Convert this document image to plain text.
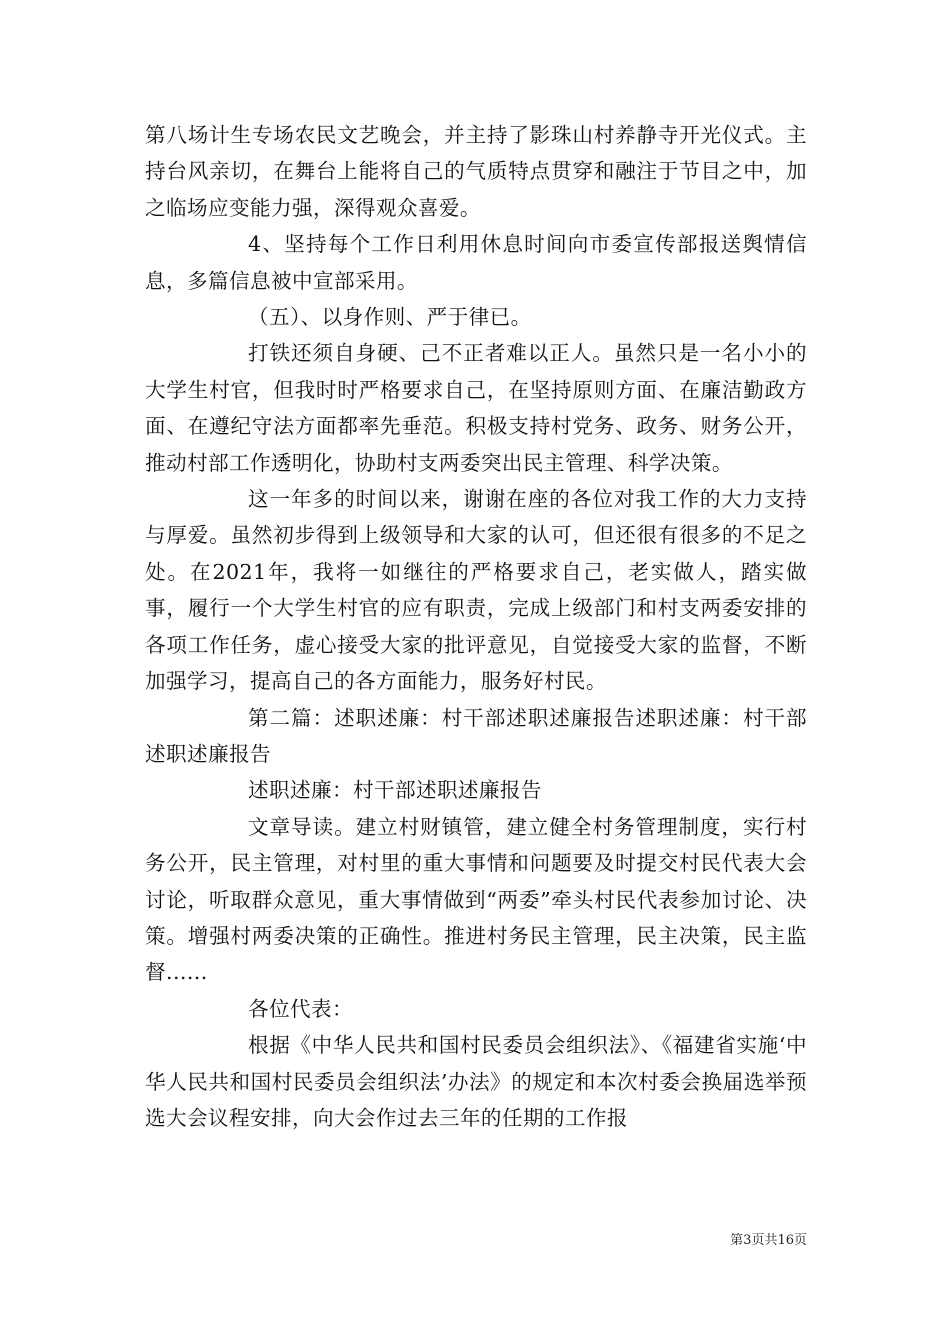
第八场计生专场农民文艺晚会，并主持了影珠山村养静寺开光仪式。主持台风亲切，在舞台上能将自己的气质特点贯穿和融注于节目之中，加之临场应变能力强，深得观众喜爱。

4、坚持每个工作日利用休息时间向市委宣传部报送舆情信息，多篇信息被中宣部采用。

（五）、以身作则、严于律已。

打铁还须自身硬、己不正者难以正人。虽然只是一名小小的大学生村官，但我时时严格要求自己，在坚持原则方面、在廉洁勤政方面、在遵纪守法方面都率先垂范。积极支持村党务、政务、财务公开，推动村部工作透明化，协助村支两委突出民主管理、科学决策。

这一年多的时间以来，谢谢在座的各位对我工作的大力支持与厚爱。虽然初步得到上级领导和大家的认可，但还很有很多的不足之处。在2021年，我将一如继往的严格要求自己，老实做人，踏实做事，履行一个大学生村官的应有职责，完成上级部门和村支两委安排的各项工作任务，虚心接受大家的批评意见，自觉接受大家的监督，不断加强学习，提高自己的各方面能力，服务好村民。

第二篇：述职述廉：村干部述职述廉报告述职述廉：村干部述职述廉报告

述职述廉：村干部述职述廉报告

文章导读。建立村财镇管，建立健全村务管理制度，实行村务公开，民主管理，对村里的重大事情和问题要及时提交村民代表大会讨论，听取群众意见，重大事情做到“两委”牵头村民代表参加讨论、决策。增强村两委决策的正确性。推进村务民主管理，民主决策，民主监督......

各位代表：

根据《中华人民共和国村民委员会组织法》、《福建省实施‘中华人民共和国村民委员会组织法’办法》的规定和本次村委会换届选举预选大会议程安排，向大会作过去三年的任期的工作报

第3页共16页
